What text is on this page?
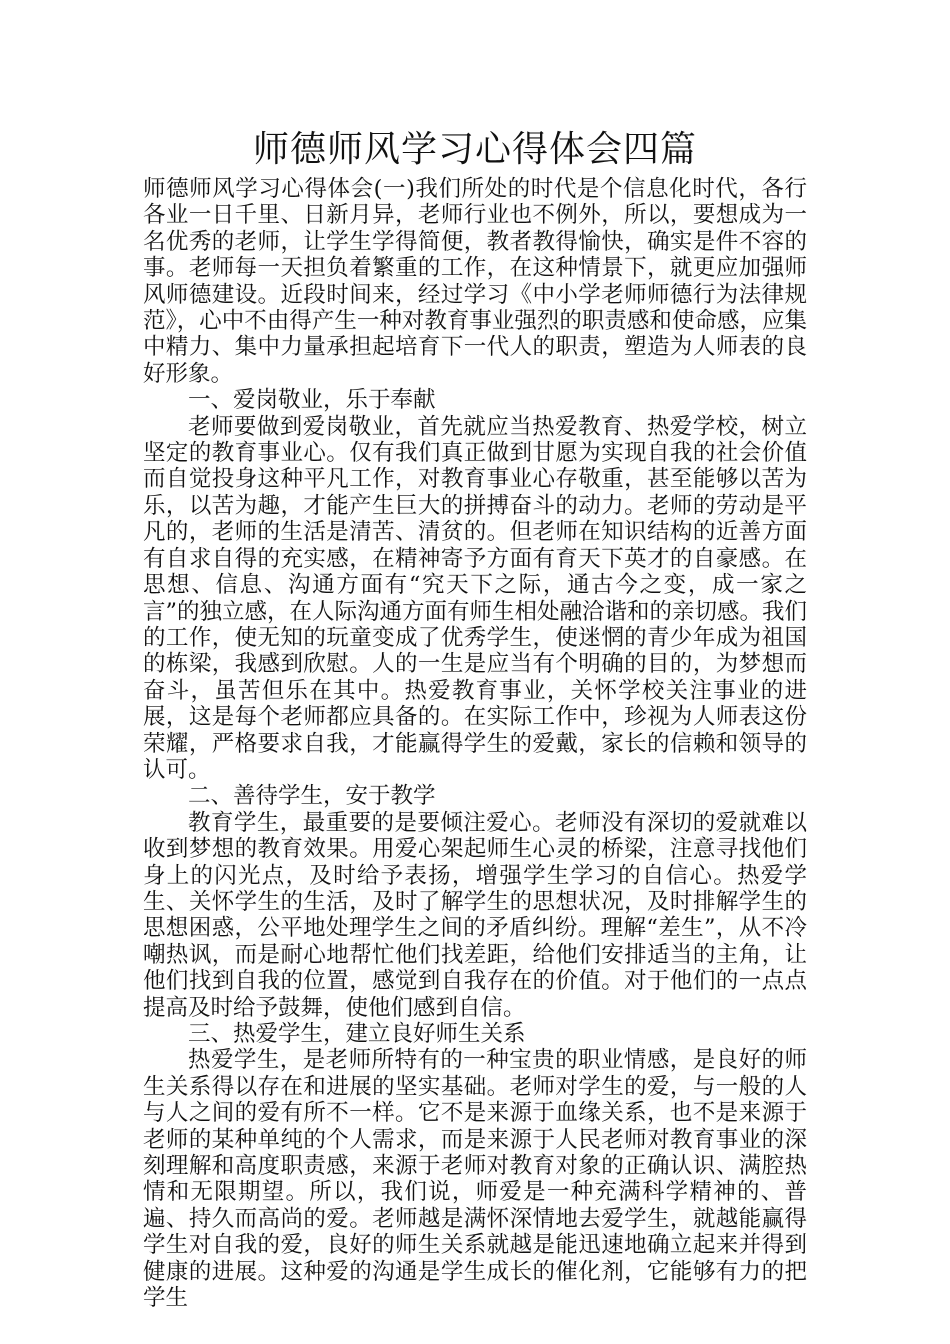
师德师风学习心得体会四篇

师德师风学习心得体会(一)我们所处的时代是个信息化时代，各行各业一日千里、日新月异，老师行业也不例外，所以，要想成为一名优秀的老师，让学生学得简便，教者教得愉快，确实是件不容的事。老师每一天担负着繁重的工作，在这种情景下，就更应加强师风师德建设。近段时间来，经过学习《中小学老师师德行为法律规范》，心中不由得产生一种对教育事业强烈的职责感和使命感，应集中精力、集中力量承担起培育下一代人的职责，塑造为人师表的良好形象。

一、爱岗敬业，乐于奉献

老师要做到爱岗敬业，首先就应当热爱教育、热爱学校，树立坚定的教育事业心。仅有我们真正做到甘愿为实现自我的社会价值而自觉投身这种平凡工作，对教育事业心存敬重，甚至能够以苦为乐，以苦为趣，才能产生巨大的拼搏奋斗的动力。老师的劳动是平凡的，老师的生活是清苦、清贫的。但老师在知识结构的近善方面有自求自得的充实感，在精神寄予方面有育天下英才的自豪感。在思想、信息、沟通方面有“究天下之际，通古今之变，成一家之言”的独立感，在人际沟通方面有师生相处融洽谐和的亲切感。我们的工作，使无知的玩童变成了优秀学生，使迷惘的青少年成为祖国的栋梁，我感到欣慰。人的一生是应当有个明确的目的，为梦想而奋斗，虽苦但乐在其中。热爱教育事业，关怀学校关注事业的进展，这是每个老师都应具备的。在实际工作中，珍视为人师表这份荣耀，严格要求自我，才能赢得学生的爱戴，家长的信赖和领导的认可。

二、善待学生，安于教学

教育学生，最重要的是要倾注爱心。老师没有深切的爱就难以收到梦想的教育效果。用爱心架起师生心灵的桥梁，注意寻找他们身上的闪光点，及时给予表扬，增强学生学习的自信心。热爱学生、关怀学生的生活，及时了解学生的思想状况，及时排解学生的思想困惑，公平地处理学生之间的矛盾纠纷。理解“差生”，从不冷嘲热讽，而是耐心地帮忙他们找差距，给他们安排适当的主角，让他们找到自我的位置，感觉到自我存在的价值。对于他们的一点点提高及时给予鼓舞，使他们感到自信。

三、热爱学生，建立良好师生关系

热爱学生，是老师所特有的一种宝贵的职业情感，是良好的师生关系得以存在和进展的坚实基础。老师对学生的爱，与一般的人与人之间的爱有所不一样。它不是来源于血缘关系，也不是来源于老师的某种单纯的个人需求，而是来源于人民老师对教育事业的深刻理解和高度职责感，来源于老师对教育对象的正确认识、满腔热情和无限期望。所以，我们说，师爱是一种充满科学精神的、普遍、持久而高尚的爱。老师越是满怀深情地去爱学生，就越能赢得学生对自我的爱，良好的师生关系就越是能迅速地确立起来并得到健康的进展。这种爱的沟通是学生成长的催化剂，它能够有力的把学生
